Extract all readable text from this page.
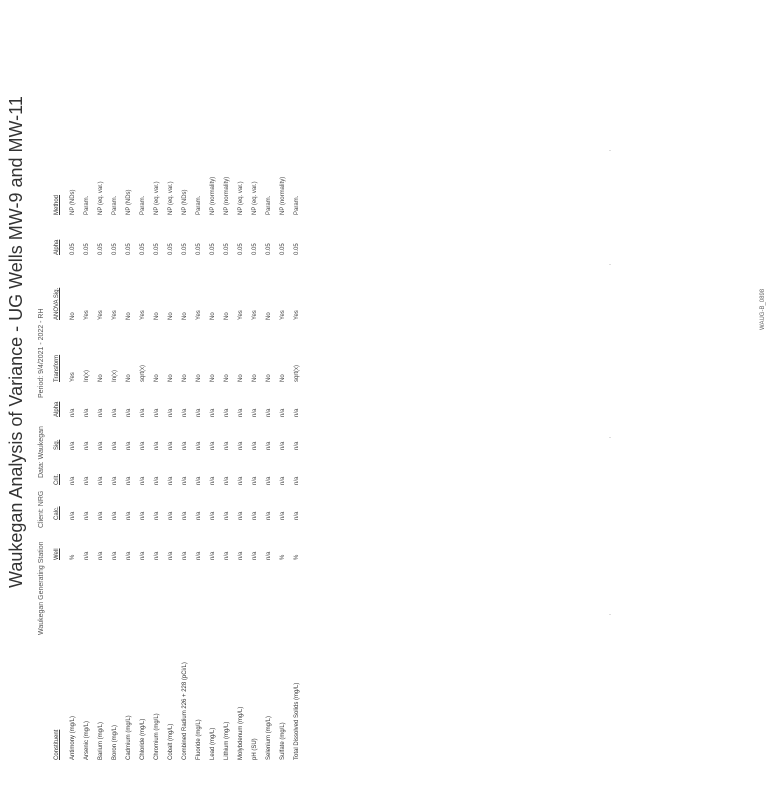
Waukegan Analysis of Variance - UG Wells MW-9 and MW-11
Waukegan Generating Station
Client: NRG
Data: Waukegan
Period: 9/4/2021 - 2022 - RH
Constituent
Well
Calc.
Crit.
Sig.
Alpha
Transform
ANOVA Sig.
Alpha
Method
Antimony (mg/L)
%
n/a
n/a
n/a
n/a
Yes
No
0.05
NP (NDs)
Arsenic (mg/L)
n/a
n/a
n/a
n/a
n/a
In(x)
Yes
0.05
Param.
Barium (mg/L)
n/a
n/a
n/a
n/a
n/a
No
Yes
0.05
NP (eq. var.)
Boron (mg/L)
n/a
n/a
n/a
n/a
n/a
In(x)
Yes
0.05
Param.
Cadmium (mg/L)
n/a
n/a
n/a
n/a
n/a
No
No
0.05
NP (NDs)
Chloride (mg/L)
n/a
n/a
n/a
n/a
n/a
sqrt(x)
Yes
0.05
Param.
Chromium (mg/L)
n/a
n/a
n/a
n/a
n/a
No
No
0.05
NP (eq. var.)
Cobalt (mg/L)
n/a
n/a
n/a
n/a
n/a
No
No
0.05
NP (eq. var.)
Combined Radium 226 + 228 (pCi/L)
n/a
n/a
n/a
n/a
n/a
No
No
0.05
NP (NDs)
Fluoride (mg/L)
n/a
n/a
n/a
n/a
n/a
No
Yes
0.05
Param.
Lead (mg/L)
n/a
n/a
n/a
n/a
n/a
No
No
0.05
NP (normality)
Lithium (mg/L)
n/a
n/a
n/a
n/a
n/a
No
No
0.05
NP (normality)
Molybdenum (mg/L)
n/a
n/a
n/a
n/a
n/a
No
Yes
0.05
NP (eq. var.)
pH (SU)
n/a
n/a
n/a
n/a
n/a
No
Yes
0.05
NP (eq. var.)
Selenium (mg/L)
n/a
n/a
n/a
n/a
n/a
No
No
0.05
Param.
Sulfate (mg/L)
%
n/a
n/a
n/a
n/a
No
Yes
0.05
NP (normality)
Total Dissolved Solids (mg/L)
%
n/a
n/a
n/a
n/a
sqrt(x)
Yes
0.05
Param.
WAUG-B_0898
-
-
-
-
